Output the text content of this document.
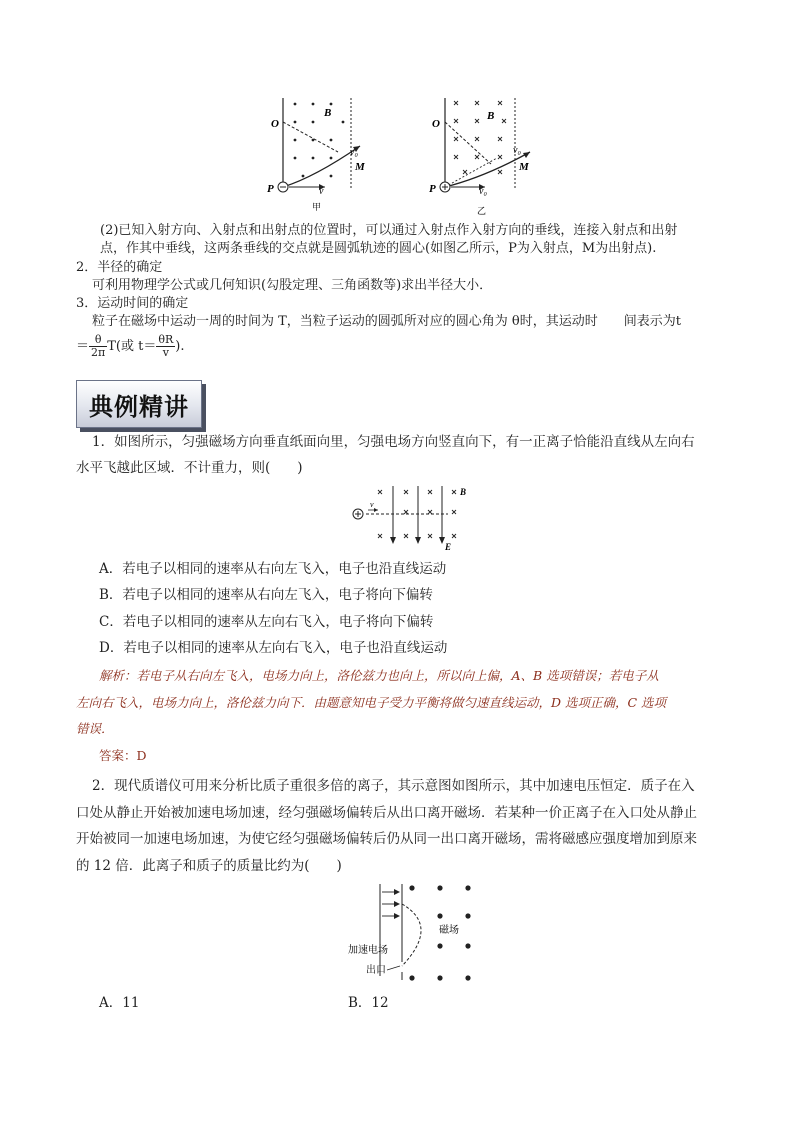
O
P
M
B
v₀
v
甲
O
P
M
B
v₀
v₀
乙
(2)已知入射方向、入射点和出射点的位置时，可以通过入射点作入射方向的垂线，连接入射点和出射
点，作其中垂线，这两条垂线的交点就是圆弧轨迹的圆心(如图乙所示，P为入射点，M为出射点).
2．半径的确定
可利用物理学公式或几何知识(勾股定理、三角函数等)求出半径大小．
3．运动时间的确定
粒子在磁场中运动一周的时间为 T，当粒子运动的圆弧所对应的圆心角为 θ时，其运动时　　间表示为t
＝ $\frac{\theta}{2\pi} T$(或 $t= \frac{\theta R}{v}$ ).
典例精讲
1．如图所示，匀强磁场方向垂直纸面向里，匀强电场方向竖直向下，有一正离子恰能沿直线从左向右
水平飞越此区域．不计重力，则(　　)
v
B
E
A．若电子以相同的速率从右向左飞入，电子也沿直线运动
B．若电子以相同的速率从右向左飞入，电子将向下偏转
C．若电子以相同的速率从左向右飞入，电子将向下偏转
D．若电子以相同的速率从左向右飞入，电子也沿直线运动
解析：若电子从右向左飞入，电场力向上，洛伦兹力也向上，所以向上偏，A、B 选项错误；若电子从
左向右飞入，电场力向上，洛伦兹力向下．由题意知电子受力平衡将做匀速直线运动，D 选项正确，C 选项
错误．
答案：D
2．现代质谱仪可用来分析比质子重很多倍的离子，其示意图如图所示，其中加速电压恒定．质子在入
口处从静止开始被加速电场加速，经匀强磁场偏转后从出口离开磁场．若某种一价正离子在入口处从静止
开始被同一加速电场加速，为使它经匀强磁场偏转后仍从同一出口离开磁场，需将磁感应强度增加到原来
的 12 倍．此离子和质子的质量比约为(　　)
磁场
加速电场
出口
A．11	B．12
